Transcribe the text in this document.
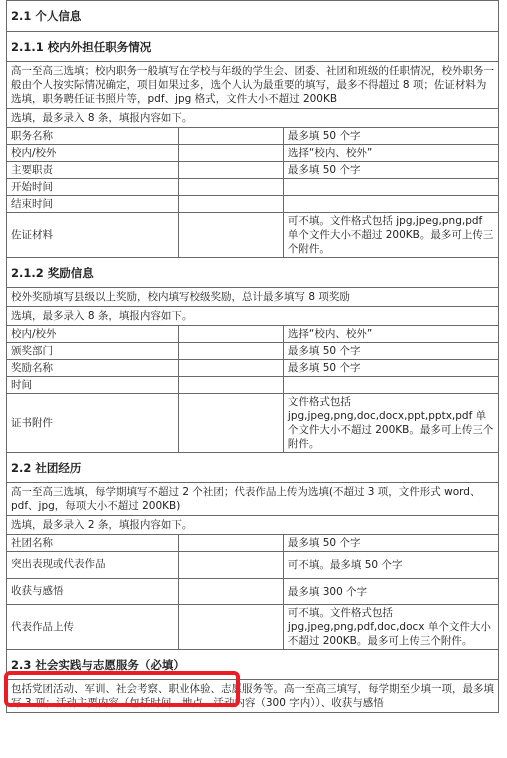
2.1 个人信息		
2.1.1 校内外担任职务情况		
高一至高三选填；校内职务一般填写在学校与年级的学生会、团委、社团和班级的任职情况，校外职务一般由个人按实际情况确定，项目如果过多，选个人认为最重要的填写，最多不得超过 8 项；佐证材料为选填，职务聘任证书照片等，pdf、jpg 格式，文件大小不超过 200KB		
选填，最多录入 8 条，填报内容如下。		
职务名称		最多填 50 个字
校内/校外		选择“校内、校外”
主要职责		最多填 50 个字
开始时间		
结束时间		
佐证材料		可不填。文件格式包括 jpg,jpeg,png,pdf 单个文件大小不超过 200KB。最多可上传三个附件。
2.1.2 奖励信息		
校外奖励填写县级以上奖励，校内填写校级奖励，总计最多填写 8 项奖励		
选填，最多录入 8 条，填报内容如下。		
校内/校外		选择“校内、校外”
颁奖部门		最多填 50 个字
奖励名称		最多填 50 个字
时间		
证书附件		文件格式包括 jpg,jpeg,png,doc,docx,ppt,pptx,pdf 单个文件大小不超过 200KB。最多可上传三个附件。
2.2 社团经历		
高一至高三选填，每学期填写不超过 2 个社团；代表作品上传为选填(不超过 3 项，文件形式 word、pdf、jpg，每项大小不超过 200KB)		
选填，最多录入 2 条，填报内容如下。		
社团名称		最多填 50 个字
突出表现或代表作品		可不填。最多填 50 个字
收获与感悟		最多填 300 个字
代表作品上传		可不填。文件格式包括 jpg,jpeg,png,pdf,doc,docx 单个文件大小不超过 200KB。最多可上传三个附件。
2.3 社会实践与志愿服务（必填）		
包括党团活动、军训、社会考察、职业体验、志愿服务等。高一至高三填写，每学期至少填一项，最多填写 3 项；活动主要内容（包括时间、地点、活动内容（300 字内））、收获与感悟		
